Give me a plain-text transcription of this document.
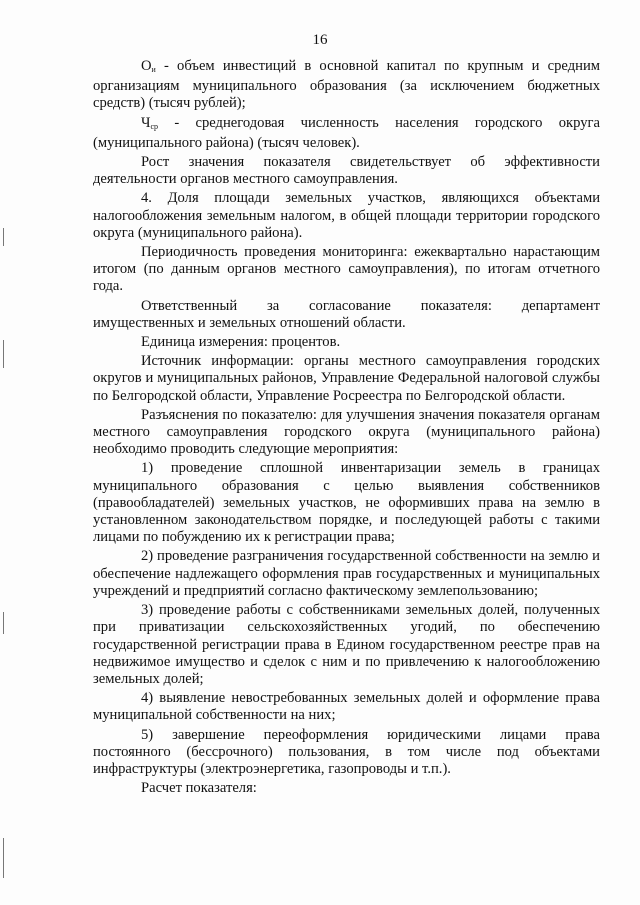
16

$О_и$ - объем инвестиций в основной капитал по крупным и средним организациям муниципального образования (за исключением бюджетных средств) (тысяч рублей);

$Ч_{ср}$ - среднегодовая численность населения городского округа (муниципального района) (тысяч человек).

Рост значения показателя свидетельствует об эффективности деятельности органов местного самоуправления.

4. Доля площади земельных участков, являющихся объектами налогообложения земельным налогом, в общей площади территории городского округа (муниципального района).

Периодичность проведения мониторинга: ежеквартально нарастающим итогом (по данным органов местного самоуправления), по итогам отчетного года.

Ответственный за согласование показателя: департамент имущественных и земельных отношений области.

Единица измерения: процентов.

Источник информации: органы местного самоуправления городских округов и муниципальных районов, Управление Федеральной налоговой службы по Белгородской области, Управление Росреестра по Белгородской области.

Разъяснения по показателю: для улучшения значения показателя органам местного самоуправления городского округа (муниципального района) необходимо проводить следующие мероприятия:

1) проведение сплошной инвентаризации земель в границах муниципального образования с целью выявления собственников (правообладателей) земельных участков, не оформивших права на землю в установленном законодательством порядке, и последующей работы с такими лицами по побуждению их к регистрации права;

2) проведение разграничения государственной собственности на землю и обеспечение надлежащего оформления прав государственных и муниципальных учреждений и предприятий согласно фактическому землепользованию;

3) проведение работы с собственниками земельных долей, полученных при приватизации сельскохозяйственных угодий, по обеспечению государственной регистрации права в Едином государственном реестре прав на недвижимое имущество и сделок с ним и по привлечению к налогообложению земельных долей;

4) выявление невостребованных земельных долей и оформление права муниципальной собственности на них;

5) завершение переоформления юридическими лицами права постоянного (бессрочного) пользования, в том числе под объектами инфраструктуры (электроэнергетика, газопроводы и т.п.).

Расчет показателя:
